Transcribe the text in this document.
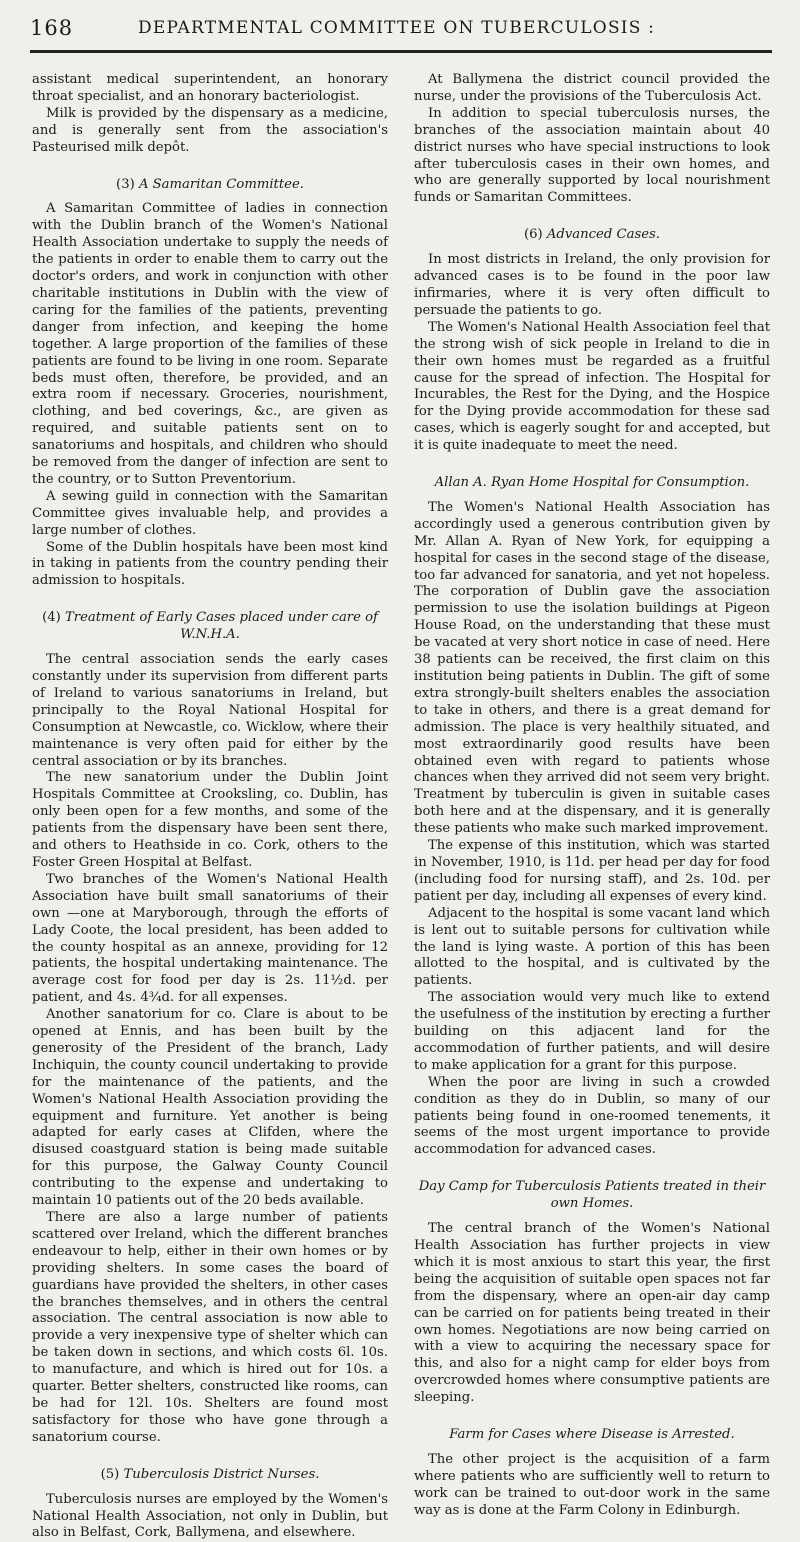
168	DEPARTMENTAL COMMITTEE ON TUBERCULOSIS :

assistant medical superintendent, an honorary throat specialist, and an honorary bacteriologist.

Milk is provided by the dispensary as a medicine, and is generally sent from the association's Pasteurised milk depôt.

(3) A Samaritan Committee.

A Samaritan Committee of ladies in connection with the Dublin branch of the Women's National Health Association undertake to supply the needs of the patients in order to enable them to carry out the doctor's orders, and work in conjunction with other charitable institutions in Dublin with the view of caring for the families of the patients, preventing danger from infection, and keeping the home together. A large proportion of the families of these patients are found to be living in one room. Separate beds must often, therefore, be provided, and an extra room if necessary. Groceries, nourishment, clothing, and bed coverings, &c., are given as required, and suitable patients sent on to sanatoriums and hospitals, and children who should be removed from the danger of infection are sent to the country, or to Sutton Preventorium.

A sewing guild in connection with the Samaritan Committee gives invaluable help, and provides a large number of clothes.

Some of the Dublin hospitals have been most kind in taking in patients from the country pending their admission to hospitals.

(4) Treatment of Early Cases placed under care of W.N.H.A.

The central association sends the early cases constantly under its supervision from different parts of Ireland to various sanatoriums in Ireland, but principally to the Royal National Hospital for Consumption at Newcastle, co. Wicklow, where their maintenance is very often paid for either by the central association or by its branches.

The new sanatorium under the Dublin Joint Hospitals Committee at Crooksling, co. Dublin, has only been open for a few months, and some of the patients from the dispensary have been sent there, and others to Heathside in co. Cork, others to the Foster Green Hospital at Belfast.

Two branches of the Women's National Health Association have built small sanatoriums of their own —one at Maryborough, through the efforts of Lady Coote, the local president, has been added to the county hospital as an annexe, providing for 12 patients, the hospital undertaking maintenance. The average cost for food per day is 2s. 11½d. per patient, and 4s. 4¾d. for all expenses.

Another sanatorium for co. Clare is about to be opened at Ennis, and has been built by the generosity of the President of the branch, Lady Inchiquin, the county council undertaking to provide for the maintenance of the patients, and the Women's National Health Association providing the equipment and furniture. Yet another is being adapted for early cases at Clifden, where the disused coastguard station is being made suitable for this purpose, the Galway County Council contributing to the expense and undertaking to maintain 10 patients out of the 20 beds available.

There are also a large number of patients scattered over Ireland, which the different branches endeavour to help, either in their own homes or by providing shelters. In some cases the board of guardians have provided the shelters, in other cases the branches themselves, and in others the central association. The central association is now able to provide a very inexpensive type of shelter which can be taken down in sections, and which costs 6l. 10s. to manufacture, and which is hired out for 10s. a quarter. Better shelters, constructed like rooms, can be had for 12l. 10s. Shelters are found most satisfactory for those who have gone through a sanatorium course.

(5) Tuberculosis District Nurses.

Tuberculosis nurses are employed by the Women's National Health Association, not only in Dublin, but also in Belfast, Cork, Ballymena, and elsewhere.

At Ballymena the district council provided the nurse, under the provisions of the Tuberculosis Act.

In addition to special tuberculosis nurses, the branches of the association maintain about 40 district nurses who have special instructions to look after tuberculosis cases in their own homes, and who are generally supported by local nourishment funds or Samaritan Committees.

(6) Advanced Cases.

In most districts in Ireland, the only provision for advanced cases is to be found in the poor law infirmaries, where it is very often difficult to persuade the patients to go.

The Women's National Health Association feel that the strong wish of sick people in Ireland to die in their own homes must be regarded as a fruitful cause for the spread of infection. The Hospital for Incurables, the Rest for the Dying, and the Hospice for the Dying provide accommodation for these sad cases, which is eagerly sought for and accepted, but it is quite inadequate to meet the need.

Allan A. Ryan Home Hospital for Consumption.

The Women's National Health Association has accordingly used a generous contribution given by Mr. Allan A. Ryan of New York, for equipping a hospital for cases in the second stage of the disease, too far advanced for sanatoria, and yet not hopeless. The corporation of Dublin gave the association permission to use the isolation buildings at Pigeon House Road, on the understanding that these must be vacated at very short notice in case of need. Here 38 patients can be received, the first claim on this institution being patients in Dublin. The gift of some extra strongly-built shelters enables the association to take in others, and there is a great demand for admission. The place is very healthily situated, and most extraordinarily good results have been obtained even with regard to patients whose chances when they arrived did not seem very bright. Treatment by tuberculin is given in suitable cases both here and at the dispensary, and it is generally these patients who make such marked improvement.

The expense of this institution, which was started in November, 1910, is 11d. per head per day for food (including food for nursing staff), and 2s. 10d. per patient per day, including all expenses of every kind.

Adjacent to the hospital is some vacant land which is lent out to suitable persons for cultivation while the land is lying waste. A portion of this has been allotted to the hospital, and is cultivated by the patients.

The association would very much like to extend the usefulness of the institution by erecting a further building on this adjacent land for the accommodation of further patients, and will desire to make application for a grant for this purpose.

When the poor are living in such a crowded condition as they do in Dublin, so many of our patients being found in one-roomed tenements, it seems of the most urgent importance to provide accommodation for advanced cases.

Day Camp for Tuberculosis Patients treated in their own Homes.

The central branch of the Women's National Health Association has further projects in view which it is most anxious to start this year, the first being the acquisition of suitable open spaces not far from the dispensary, where an open-air day camp can be carried on for patients being treated in their own homes. Negotiations are now being carried on with a view to acquiring the necessary space for this, and also for a night camp for elder boys from overcrowded homes where consumptive patients are sleeping.

Farm for Cases where Disease is Arrested.

The other project is the acquisition of a farm where patients who are sufficiently well to return to work can be trained to out-door work in the same way as is done at the Farm Colony in Edinburgh.
